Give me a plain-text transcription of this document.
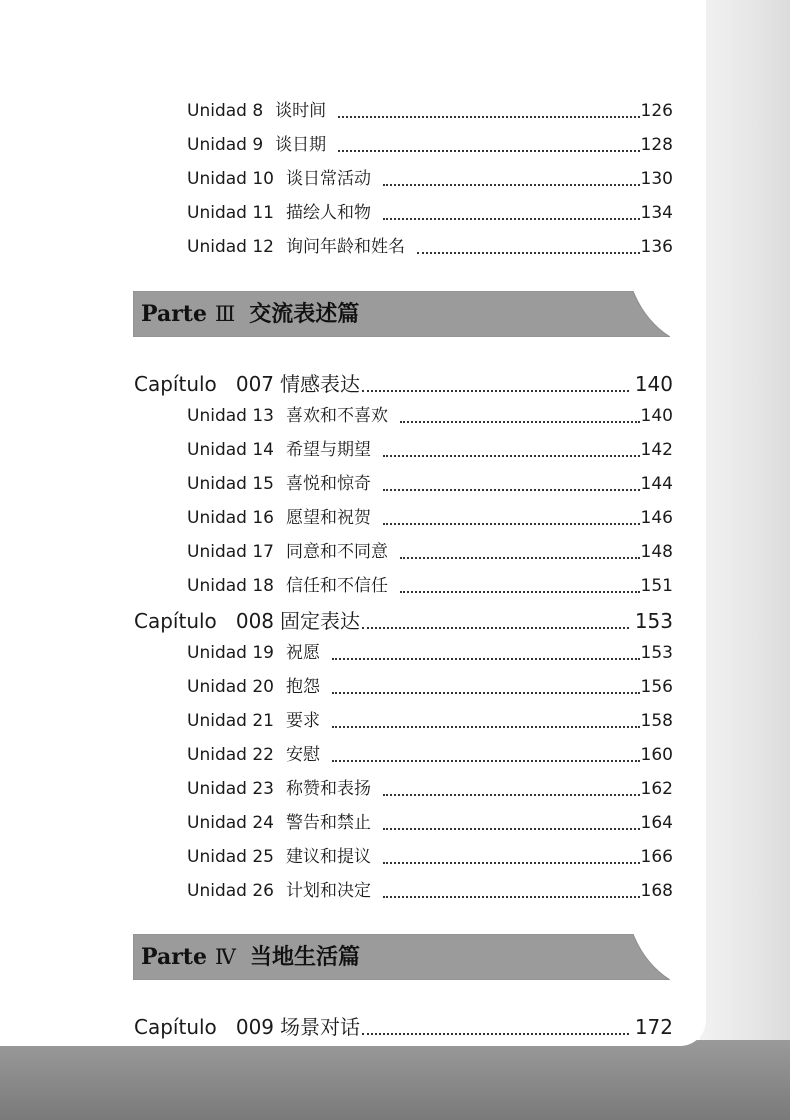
Unidad 8 谈时间	126
Unidad 9 谈日期	128
Unidad 10 谈日常活动	130
Unidad 11 描绘人和物	134
Unidad 12 询问年龄和姓名	136
Parte Ⅲ 交流表述篇
Capítulo   007 情感表达	140
Unidad 13 喜欢和不喜欢	140
Unidad 14 希望与期望	142
Unidad 15 喜悦和惊奇	144
Unidad 16 愿望和祝贺	146
Unidad 17 同意和不同意	148
Unidad 18 信任和不信任	151
Capítulo   008 固定表达	153
Unidad 19 祝愿	153
Unidad 20 抱怨	156
Unidad 21 要求	158
Unidad 22 安慰	160
Unidad 23 称赞和表扬	162
Unidad 24 警告和禁止	164
Unidad 25 建议和提议	166
Unidad 26 计划和决定	168
Parte Ⅳ 当地生活篇
Capítulo   009 场景对话	172
